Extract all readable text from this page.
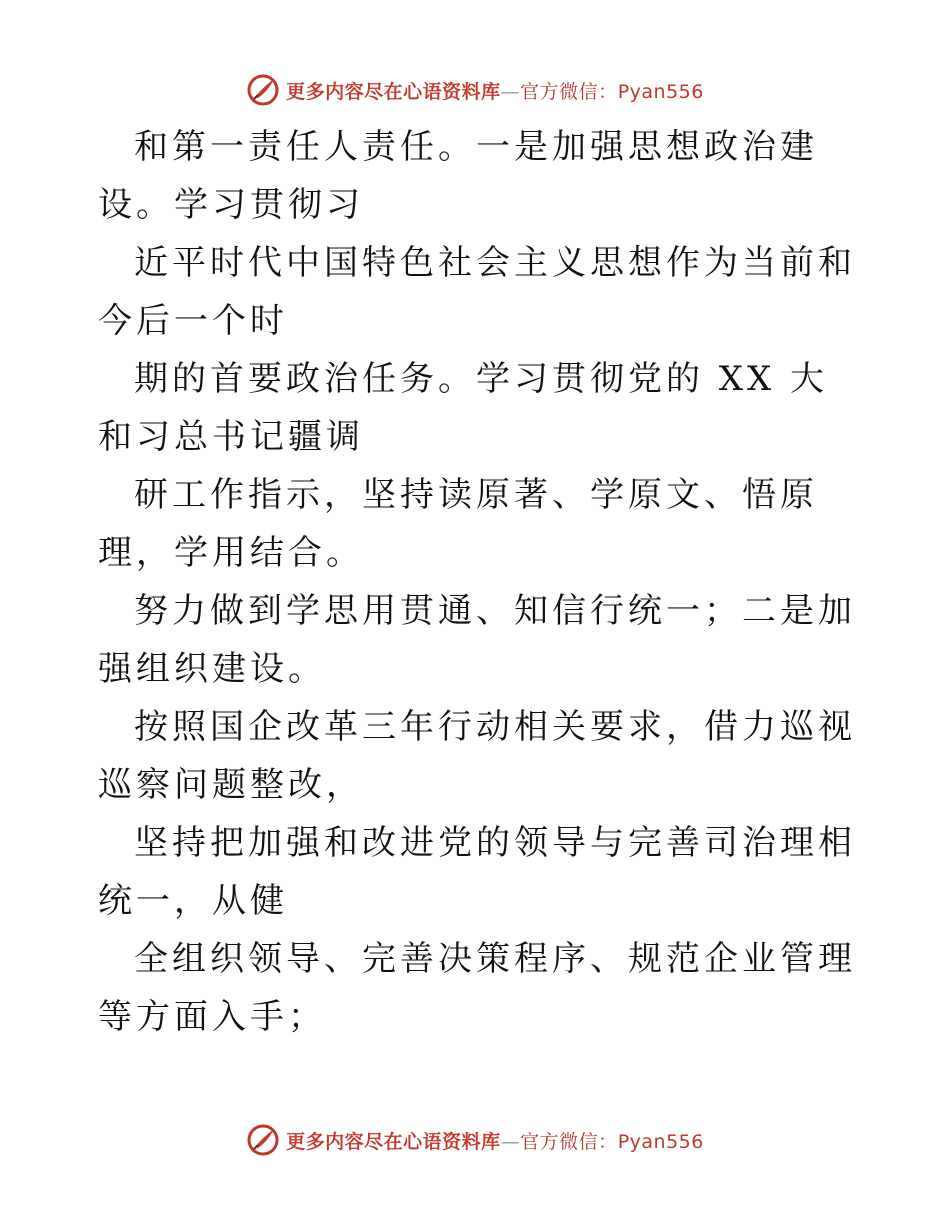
更多内容尽在心语资料库—官方微信：Pyan556

和第一责任人责任。一是加强思想政治建设。学习贯彻习

近平时代中国特色社会主义思想作为当前和今后一个时

期的首要政治任务。学习贯彻党的 XX 大和习总书记疆调

研工作指示，坚持读原著、学原文、悟原理，学用结合。

努力做到学思用贯通、知信行统一；二是加强组织建设。

按照国企改革三年行动相关要求，借力巡视巡察问题整改，

坚持把加强和改进党的领导与完善司治理相统一，从健

全组织领导、完善决策程序、规范企业管理等方面入手；

更多内容尽在心语资料库—官方微信：Pyan556
